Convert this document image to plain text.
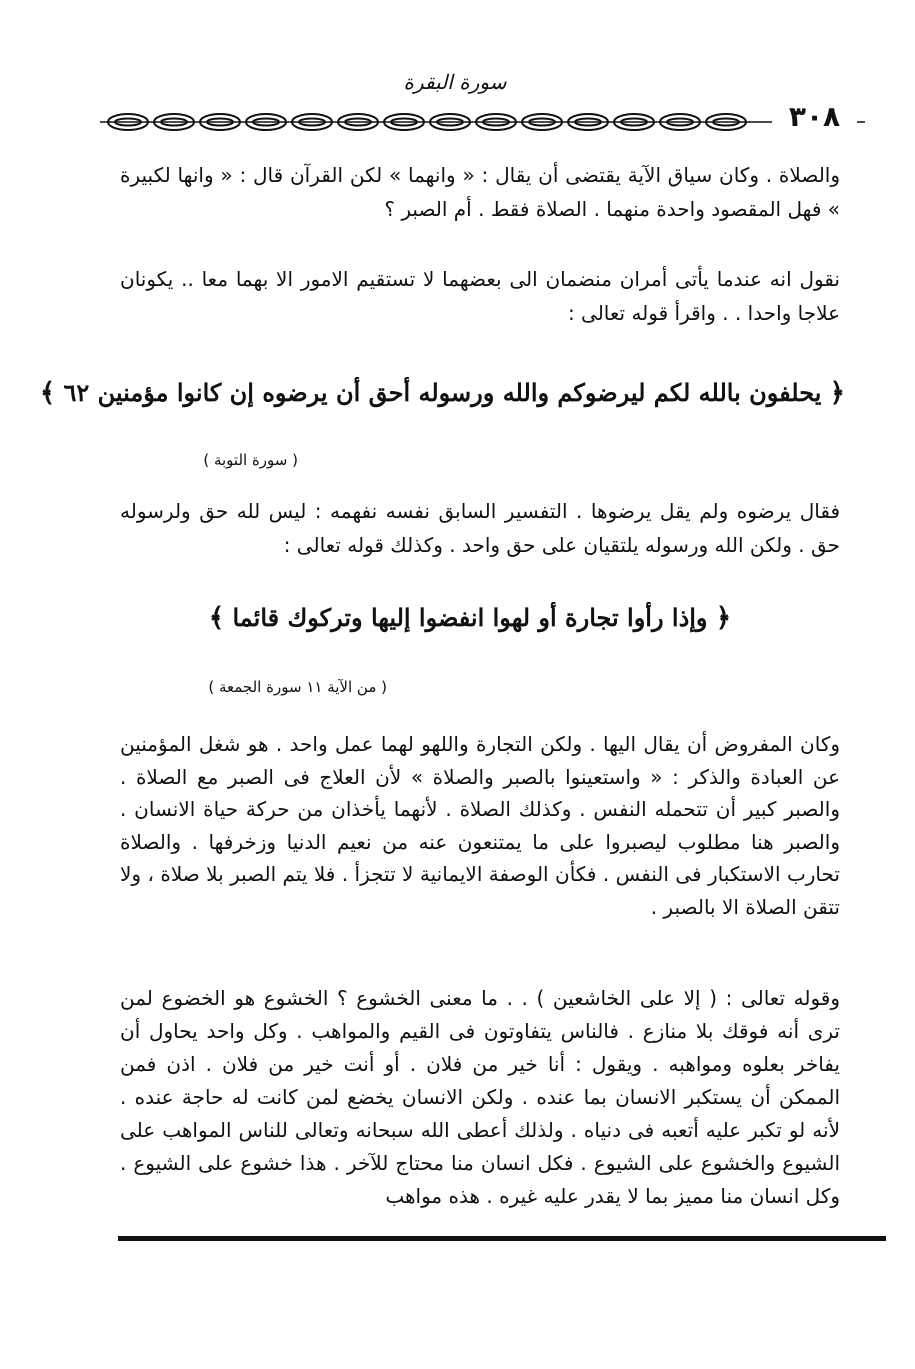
سورة البقرة
٣٠٨
والصلاة . وكان سياق الآية يقتضى أن يقال : « وانهما » لكن القرآن قال : « وانها لكبيرة » فهل المقصود واحدة منهما . الصلاة فقط . أم الصبر ؟
نقول انه عندما يأتى أمران منضمان الى بعضهما لا تستقيم الامور الا بهما معا .. يكونان علاجا واحدا . . واقرأ قوله تعالى :
﴿ يحلفون بالله لكم ليرضوكم والله ورسوله أحق أن يرضوه إن كانوا مؤمنين ٦٢ ﴾
( سورة التوبة )
فقال يرضوه ولم يقل يرضوها . التفسير السابق نفسه نفهمه : ليس لله حق ولرسوله حق . ولكن الله ورسوله يلتقيان على حق واحد . وكذلك قوله تعالى :
﴿ وإذا رأوا تجارة أو لهوا انفضوا إليها وتركوك قائما ﴾
( من الآية ١١ سورة الجمعة )
وكان المفروض أن يقال اليها . ولكن التجارة واللهو لهما عمل واحد . هو شغل المؤمنين عن العبادة والذكر : « واستعينوا بالصبر والصلاة » لأن العلاج فى الصبر مع الصلاة . والصبر كبير أن تتحمله النفس . وكذلك الصلاة . لأنهما يأخذان من حركة حياة الانسان . والصبر هنا مطلوب ليصبروا على ما يمتنعون عنه من نعيم الدنيا وزخرفها . والصلاة تحارب الاستكبار فى النفس . فكأن الوصفة الايمانية لا تتجزأ . فلا يتم الصبر بلا صلاة ، ولا تتقن الصلاة الا بالصبر .
وقوله تعالى : ( إلا على الخاشعين ) . . ما معنى الخشوع ؟ الخشوع هو الخضوع لمن ترى أنه فوقك بلا منازع . فالناس يتفاوتون فى القيم والمواهب . وكل واحد يحاول أن يفاخر بعلوه ومواهبه . ويقول : أنا خير من فلان . أو أنت خير من فلان . اذن فمن الممكن أن يستكبر الانسان بما عنده . ولكن الانسان يخضع لمن كانت له حاجة عنده . لأنه لو تكبر عليه أتعبه فى دنياه . ولذلك أعطى الله سبحانه وتعالى للناس المواهب على الشيوع والخشوع على الشيوع . فكل انسان منا محتاج للآخر . هذا خشوع على الشيوع . وكل انسان منا مميز بما لا يقدر عليه غيره . هذه مواهب
